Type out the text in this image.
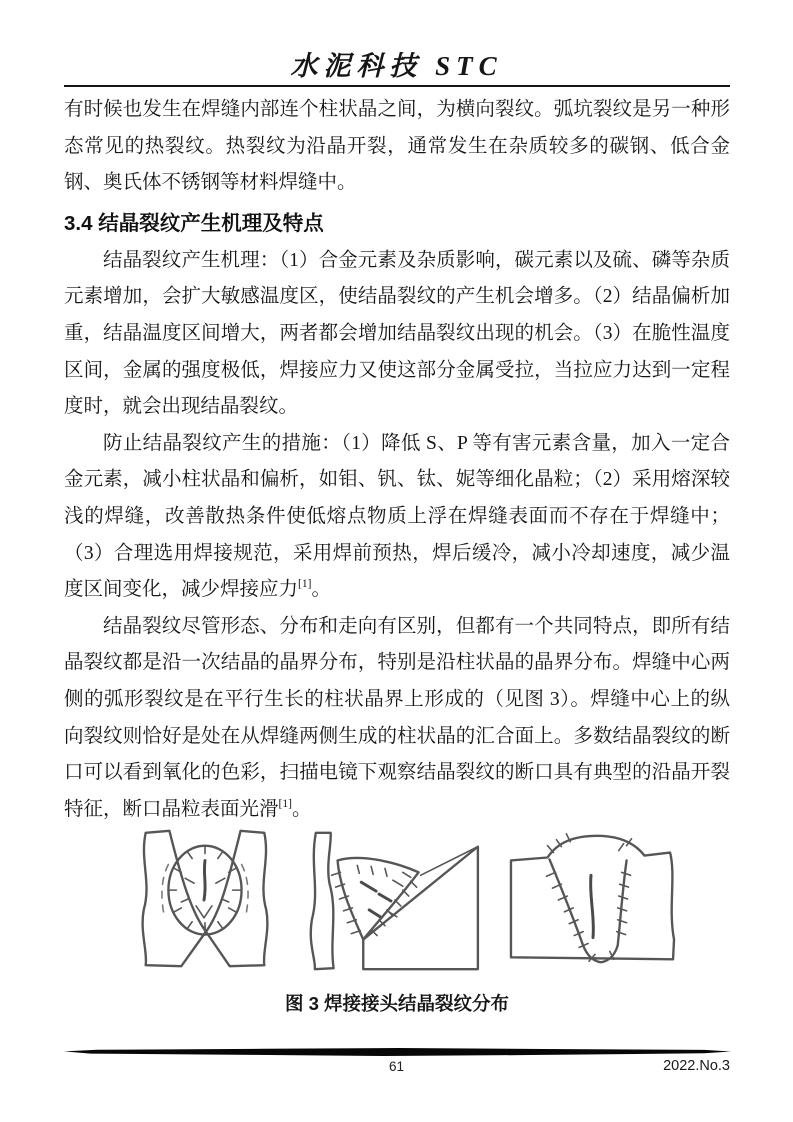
水泥科技 STC

有时候也发生在焊缝内部连个柱状晶之间，为横向裂纹。弧坑裂纹是另一种形态常见的热裂纹。热裂纹为沿晶开裂，通常发生在杂质较多的碳钢、低合金钢、奥氏体不锈钢等材料焊缝中。

3.4 结晶裂纹产生机理及特点

结晶裂纹产生机理：（1）合金元素及杂质影响，碳元素以及硫、磷等杂质元素增加，会扩大敏感温度区，使结晶裂纹的产生机会增多。（2）结晶偏析加重，结晶温度区间增大，两者都会增加结晶裂纹出现的机会。（3）在脆性温度区间，金属的强度极低，焊接应力又使这部分金属受拉，当拉应力达到一定程度时，就会出现结晶裂纹。

防止结晶裂纹产生的措施：（1）降低 S、P 等有害元素含量，加入一定合金元素，减小柱状晶和偏析，如钼、钒、钛、妮等细化晶粒；（2）采用熔深较浅的焊缝，改善散热条件使低熔点物质上浮在焊缝表面而不存在于焊缝中；（3）合理选用焊接规范，采用焊前预热，焊后缓冷，减小冷却速度，减少温度区间变化，减少焊接应力[1]。

结晶裂纹尽管形态、分布和走向有区别，但都有一个共同特点，即所有结晶裂纹都是沿一次结晶的晶界分布，特别是沿柱状晶的晶界分布。焊缝中心两侧的弧形裂纹是在平行生长的柱状晶界上形成的（见图 3）。焊缝中心上的纵向裂纹则恰好是处在从焊缝两侧生成的柱状晶的汇合面上。多数结晶裂纹的断口可以看到氧化的色彩，扫描电镜下观察结晶裂纹的断口具有典型的沿晶开裂特征，断口晶粒表面光滑[1]。

图 3 焊接接头结晶裂纹分布
61	2022.No.3
